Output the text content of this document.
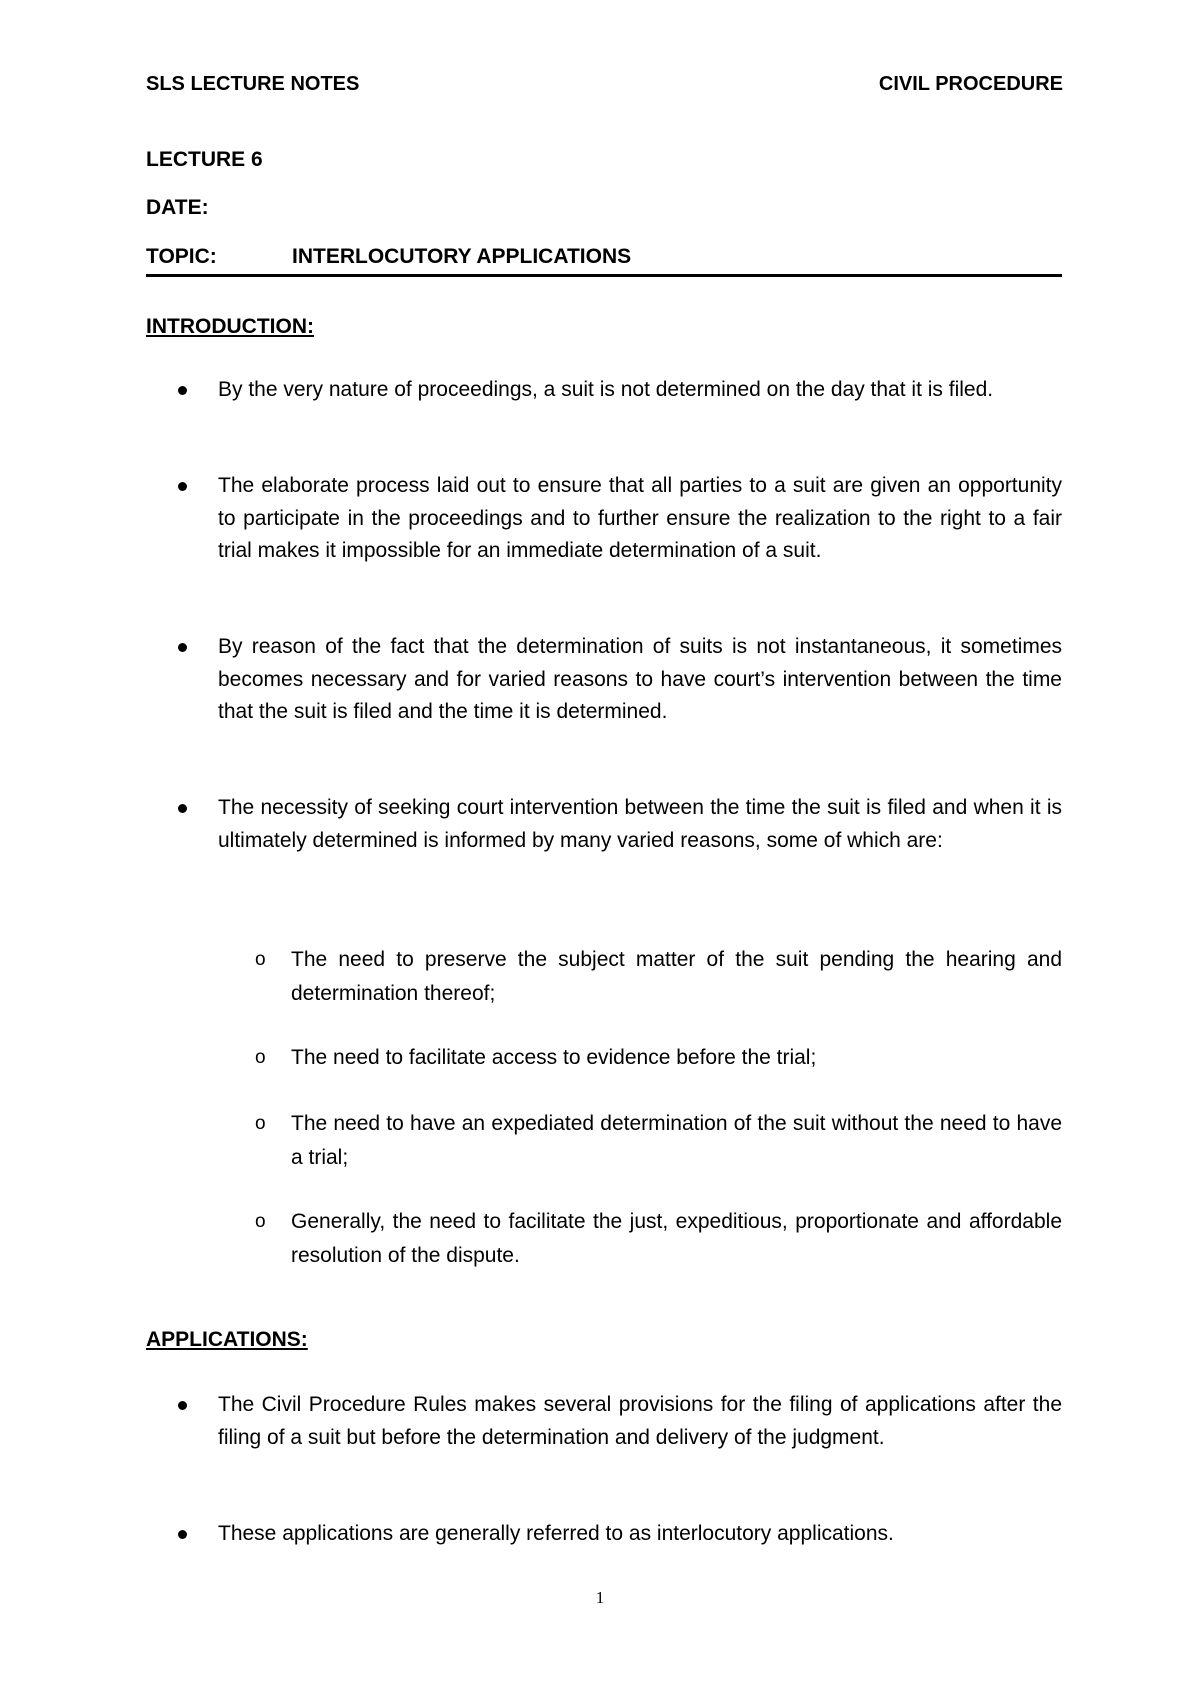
SLS LECTURE NOTES	CIVIL PROCEDURE
LECTURE 6
DATE:
TOPIC:	INTERLOCUTORY APPLICATIONS
INTRODUCTION:
By the very nature of proceedings, a suit is not determined on the day that it is filed.
The elaborate process laid out to ensure that all parties to a suit are given an opportunity to participate in the proceedings and to further ensure the realization to the right to a fair trial makes it impossible for an immediate determination of a suit.
By reason of the fact that the determination of suits is not instantaneous, it sometimes becomes necessary and for varied reasons to have court’s intervention between the time that the suit is filed and the time it is determined.
The necessity of seeking court intervention between the time the suit is filed and when it is ultimately determined is informed by many varied reasons, some of which are:
o The need to preserve the subject matter of the suit pending the hearing and determination thereof;
o The need to facilitate access to evidence before the trial;
o The need to have an expediated determination of the suit without the need to have a trial;
o Generally, the need to facilitate the just, expeditious, proportionate and affordable resolution of the dispute.
APPLICATIONS:
The Civil Procedure Rules makes several provisions for the filing of applications after the filing of a suit but before the determination and delivery of the judgment.
These applications are generally referred to as interlocutory applications.
1
